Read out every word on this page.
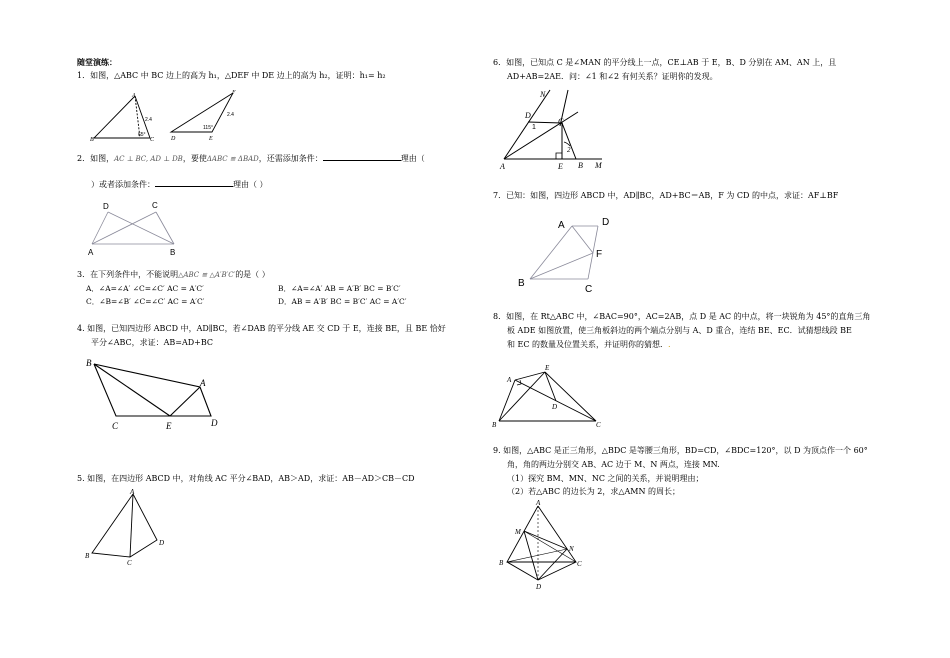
随堂演练：
1．如图，△ABC 中 BC 边上的高为 h₁，△DEF 中 DE 边上的高为 h₂，证明：h₁= h₂
A
B	C
65°
2.4
D	E
F
115°
2.4
2．如图，AC ⊥ BC, AD ⊥ DB，要使ΔABC ≌ ΔBAD，还需添加条件：	理由（
）或者添加条件：	理由（ ）
D	C
A	B
3．在下列条件中，不能说明△ABC ≌ △A′B′C′的是（ ）
A．∠A=∠A′ ∠C=∠C′ AC = A′C′	B．∠A=∠A′ AB = A′B′ BC = B′C′
C．∠B=∠B′ ∠C=∠C′ AC = A′C′	D．AB = A′B′ BC = B′C′ AC = A′C′
4. 如图，已知四边形 ABCD 中，AD∥BC，若∠DAB 的平分线 AE 交 CD 于 E，连接 BE，且 BE 恰好
平分∠ABC，求证：AB=AD+BC
B
A
C	E	D
5. 如图，在四边形 ABCD 中，对角线 AC 平分∠BAD，AB＞AD，求证：AB－AD＞CB－CD
A
B
C
D
6．如图，已知点 C 是∠MAN 的平分线上一点，CE⊥AB 于 E，B、D 分别在 AM、AN 上，且
AD+AB=2AE．问：∠1 和∠2 有何关系？证明你的发现。
N
D
1
C
2
A	E B M
7．已知：如图，四边形 ABCD 中，AD∥BC，AD+BC＝AB，F 为 CD 的中点，求证：AF⊥BF
A	D
F
B
C
8．如图，在 Rt△ABC 中，∠BAC=90°，AC=2AB，点 D 是 AC 的中点，将一块锐角为 45°的直角三角
板 ADE 如图放置，使三角板斜边的两个端点分别与 A、D 重合，连结 BE、EC．试猜想线段 BE
和 EC 的数量及位置关系，并证明你的猜想．.
A
E
D
B	C
9. 如图，△ABC 是正三角形，△BDC 是等腰三角形，BD=CD，∠BDC=120°，以 D 为顶点作一个 60°
角，角的两边分别交 AB、AC 边于 M、N 两点，连接 MN.
（1）探究 BM、MN、NC 之间的关系，并说明理由；
（2）若△ABC 的边长为 2，求△AMN 的周长；
A
M
N
B	C
D
